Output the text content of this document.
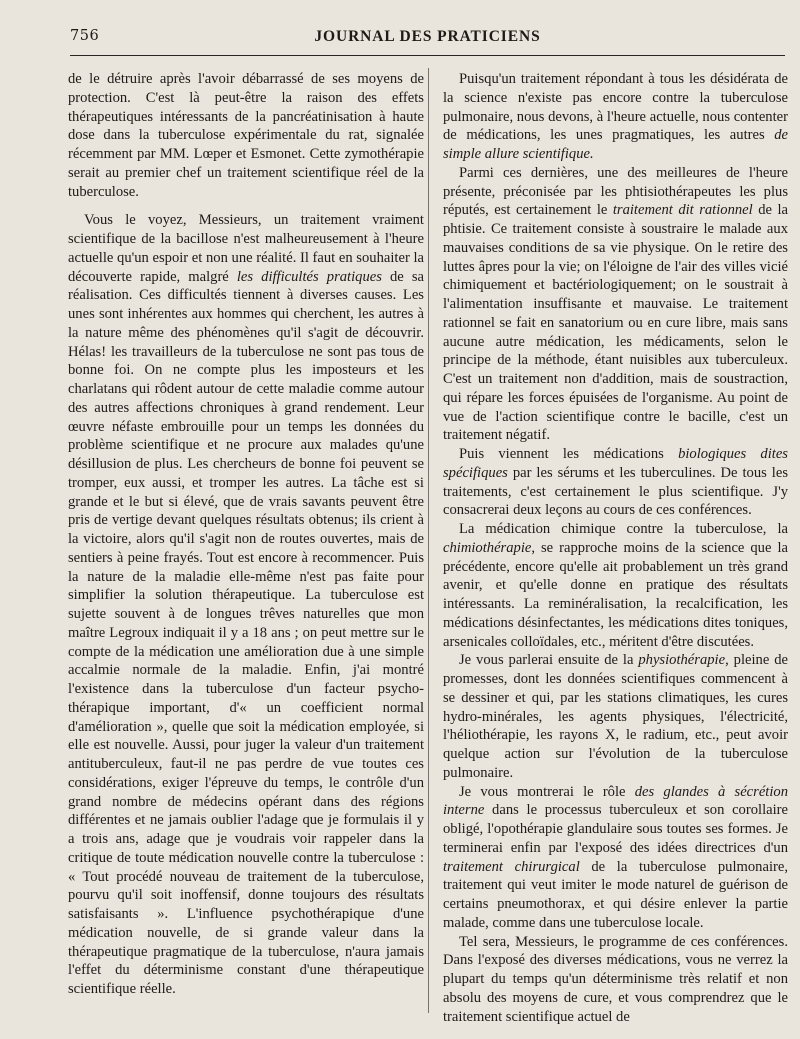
756	JOURNAL DES PRATICIENS

de le détruire après l'avoir débarrassé de ses moyens de protection. C'est là peut-être la raison des effets thérapeutiques intéressants de la pancréatinisation à haute dose dans la tuberculose expérimentale du rat, signalée récemment par MM. Lœper et Esmonet. Cette zymothérapie serait au premier chef un traitement scientifique réel de la tuberculose.

Vous le voyez, Messieurs, un traitement vraiment scientifique de la bacillose n'est malheureusement à l'heure actuelle qu'un espoir et non une réalité. Il faut en souhaiter la découverte rapide, malgré les difficultés pratiques de sa réalisation. Ces difficultés tiennent à diverses causes. Les unes sont inhérentes aux hommes qui cherchent, les autres à la nature même des phénomènes qu'il s'agit de découvrir. Hélas! les travailleurs de la tuberculose ne sont pas tous de bonne foi. On ne compte plus les imposteurs et les charlatans qui rôdent autour de cette maladie comme autour des autres affections chroniques à grand rendement. Leur œuvre néfaste embrouille pour un temps les données du problème scientifique et ne procure aux malades qu'une désillusion de plus. Les chercheurs de bonne foi peuvent se tromper, eux aussi, et tromper les autres. La tâche est si grande et le but si élevé, que de vrais savants peuvent être pris de vertige devant quelques résultats obtenus; ils crient à la victoire, alors qu'il s'agit non de routes ouvertes, mais de sentiers à peine frayés. Tout est encore à recommencer. Puis la nature de la maladie elle-même n'est pas faite pour simplifier la solution thérapeutique. La tuberculose est sujette souvent à de longues trêves naturelles que mon maître Legroux indiquait il y a 18 ans ; on peut mettre sur le compte de la médication une amélioration due à une simple accalmie normale de la maladie. Enfin, j'ai montré l'existence dans la tuberculose d'un facteur psycho-thérapique important, d'« un coefficient normal d'amélioration », quelle que soit la médication employée, si elle est nouvelle. Aussi, pour juger la valeur d'un traitement antituberculeux, faut-il ne pas perdre de vue toutes ces considérations, exiger l'épreuve du temps, le contrôle d'un grand nombre de médecins opérant dans des régions différentes et ne jamais oublier l'adage que je formulais il y a trois ans, adage que je voudrais voir rappeler dans la critique de toute médication nouvelle contre la tuberculose : « Tout procédé nouveau de traitement de la tuberculose, pourvu qu'il soit inoffensif, donne toujours des résultats satisfaisants ». L'influence psychothérapique d'une médication nouvelle, de si grande valeur dans la thérapeutique pragmatique de la tuberculose, n'aura jamais l'effet du déterminisme constant d'une thérapeutique scientifique réelle.

Puisqu'un traitement répondant à tous les désidérata de la science n'existe pas encore contre la tuberculose pulmonaire, nous devons, à l'heure actuelle, nous contenter de médications, les unes pragmatiques, les autres de simple allure scientifique.

Parmi ces dernières, une des meilleures de l'heure présente, préconisée par les phtisiothérapeutes les plus réputés, est certainement le traitement dit rationnel de la phtisie. Ce traitement consiste à soustraire le malade aux mauvaises conditions de sa vie physique. On le retire des luttes âpres pour la vie; on l'éloigne de l'air des villes vicié chimiquement et bactériologiquement; on le soustrait à l'alimentation insuffisante et mauvaise. Le traitement rationnel se fait en sanatorium ou en cure libre, mais sans aucune autre médication, les médicaments, selon le principe de la méthode, étant nuisibles aux tuberculeux. C'est un traitement non d'addition, mais de soustraction, qui répare les forces épuisées de l'organisme. Au point de vue de l'action scientifique contre le bacille, c'est un traitement négatif.

Puis viennent les médications biologiques dites spécifiques par les sérums et les tuberculines. De tous les traitements, c'est certainement le plus scientifique. J'y consacrerai deux leçons au cours de ces conférences.

La médication chimique contre la tuberculose, la chimiothérapie, se rapproche moins de la science que la précédente, encore qu'elle ait probablement un très grand avenir, et qu'elle donne en pratique des résultats intéressants. La reminéralisation, la recalcification, les médications désinfectantes, les médications dites toniques, arsenicales colloïdales, etc., méritent d'être discutées.

Je vous parlerai ensuite de la physiothérapie, pleine de promesses, dont les données scientifiques commencent à se dessiner et qui, par les stations climatiques, les cures hydro-minérales, les agents physiques, l'électricité, l'héliothérapie, les rayons X, le radium, etc., peut avoir quelque action sur l'évolution de la tuberculose pulmonaire.

Je vous montrerai le rôle des glandes à sécrétion interne dans le processus tuberculeux et son corollaire obligé, l'opothérapie glandulaire sous toutes ses formes. Je terminerai enfin par l'exposé des idées directrices d'un traitement chirurgical de la tuberculose pulmonaire, traitement qui veut imiter le mode naturel de guérison de certains pneumothorax, et qui désire enlever la partie malade, comme dans une tuberculose locale.

Tel sera, Messieurs, le programme de ces conférences. Dans l'exposé des diverses médications, vous ne verrez la plupart du temps qu'un déterminisme très relatif et non absolu des moyens de cure, et vous comprendrez que le traitement scientifique actuel de
